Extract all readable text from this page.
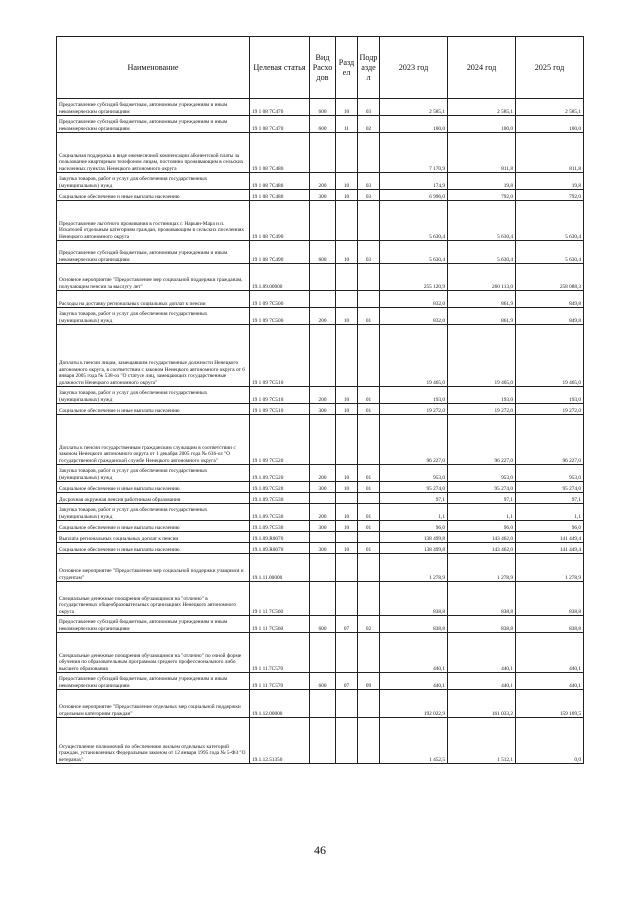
Наименование	Целевая статья	Вид Расхо дов	Разд ел	Подр азде л	2023 год	2024 год	2025 год
Предоставление субсидий бюджетным, автономным учреждениям и иным некоммерческим организациям	19 1 08 7С470	600	10	03	2 585,1	2 585,1	2 585,1
Предоставление субсидий бюджетным, автономным учреждениям и иным некоммерческим организациям	19 1 08 7С470	600	11	02	100,0	100,0	100,0
Социальная поддержка в виде ежемесячной компенсации абонентской платы за пользование квартирным телефоном лицам, постоянно проживающим в сельских населенных пунктах Ненецкого автономного округа	19 1 08 7С480				7 170,9	811,8	811,8
Закупка товаров, работ и услуг для обеспечения государственных (муниципальных) нужд	19 1 08 7С480	200	10	03	174,9	19,8	19,8
Социальное обеспечение и иные выплаты населению	19 1 08 7С480	300	10	03	6 996,0	792,0	792,0
Предоставление льготного проживания в гостиницах г. Нарьян-Мара и п. Искателей отдельным категориям граждан, проживающим в сельских поселениях Ненецкого автономного округа	19 1 08 7С490				5 630,4	5 630,4	5 630,4
Предоставление субсидий бюджетным, автономным учреждениям и иным некоммерческим организациям	19 1 08 7С490	600	10	03	5 630,4	5 630,4	5 630,4
Основное мероприятие "Предоставление мер социальной поддержки гражданам, получающим пенсии за выслугу лет"	19.1.09.00000				255 120,9	260 113,0	258 088,3
Расходы на доставку региональных социальных доплат к пенсии	19 1 09 7С500				832,0	861,9	849,8
Закупка товаров, работ и услуг для обеспечения государственных (муниципальных) нужд	19 1 09 7С500	200	10	01	832,0	861,9	849,8
Доплаты к пенсии лицам, замещавшим государственные должности Ненецкого автономного округа, в соответствии с законом Ненецкого автономного округа от 6 января 2005 года № 538-оз "О статусе лиц, замещающих государственные должности Ненецкого автономного округа"	19 1 09 7С510				19 465,0	19 465,0	19 465,0
Закупка товаров, работ и услуг для обеспечения государственных (муниципальных) нужд	19 1 09 7С510	200	10	01	193,0	193,0	193,0
Социальное обеспечение и иные выплаты населению	19 1 09 7С510	300	10	01	19 272,0	19 272,0	19 272,0
Доплаты к пенсии государственным гражданским служащим в соответствии с законом Ненецкого автономного округа от 1 декабря 2005 года № 636-оз "О государственной гражданской службе Ненецкого автономного округа"	19 1 09 7С520				96 227,0	96 227,0	96 227,0
Закупка товаров, работ и услуг для обеспечения государственных (муниципальных) нужд	19.1.09.7С520	200	10	01	953,0	953,0	953,0
Социальное обеспечение и иные выплаты населению	19.1.09.7С520	300	10	01	95 274,0	95 274,0	95 274,0
Досрочная окружная пенсия работникам образования	19.1.09.7С530				97,1	97,1	97,1
Закупка товаров, работ и услуг для обеспечения государственных (муниципальных) нужд	19.1.09.7С530	200	10	01	1,1	1,1	1,1
Социальное обеспечение и иные выплаты населению	19.1.09.7С530	300	10	01	96,0	96,0	96,0
Выплата региональных социальных доплат к пенсии	19.1.09.R0070				138 499,8	143 462,0	141 449,4
Социальное обеспечение и иные выплаты населению	19.1.09.R0070	300	10	01	138 499,8	143 462,0	141 449,4
Основное мероприятие "Предоставление мер социальной поддержки учащимся и студентам"	19.1.11.00000				1 278,9	1 278,9	1 278,9
Специальные денежные поощрения обучающимся на "отлично" в государственных общеобразовательных организациях Ненецкого автономного округа	19 1 11 7С560				838,8	838,8	838,8
Предоставление субсидий бюджетным, автономным учреждениям и иным некоммерческим организациям	19 1 11 7С560	600	07	02	838,8	838,8	838,8
Специальные денежные поощрения обучающимся на "отлично" по очной форме обучения по образовательным программам среднего профессионального либо высшего образования	19 1 11.7С570				440,1	440,1	440,1
Предоставление субсидий бюджетным, автономным учреждениям и иным некоммерческим организациям	19 1 11 7С570	600	07	09	440,1	440,1	440,1
Основное мероприятие "Предоставление отдельных мер социальной поддержки отдельным категориям граждан"	19.1.12.00000				192 022,9	161 033,2	159 109,5
Осуществление полномочий по обеспечению жильем отдельных категорий граждан, установленных Федеральным законом от 12 января 1995 года № 5-ФЗ "О ветеранах"	19.1.12.51350				1 452,5	1 512,1	0,0
46
